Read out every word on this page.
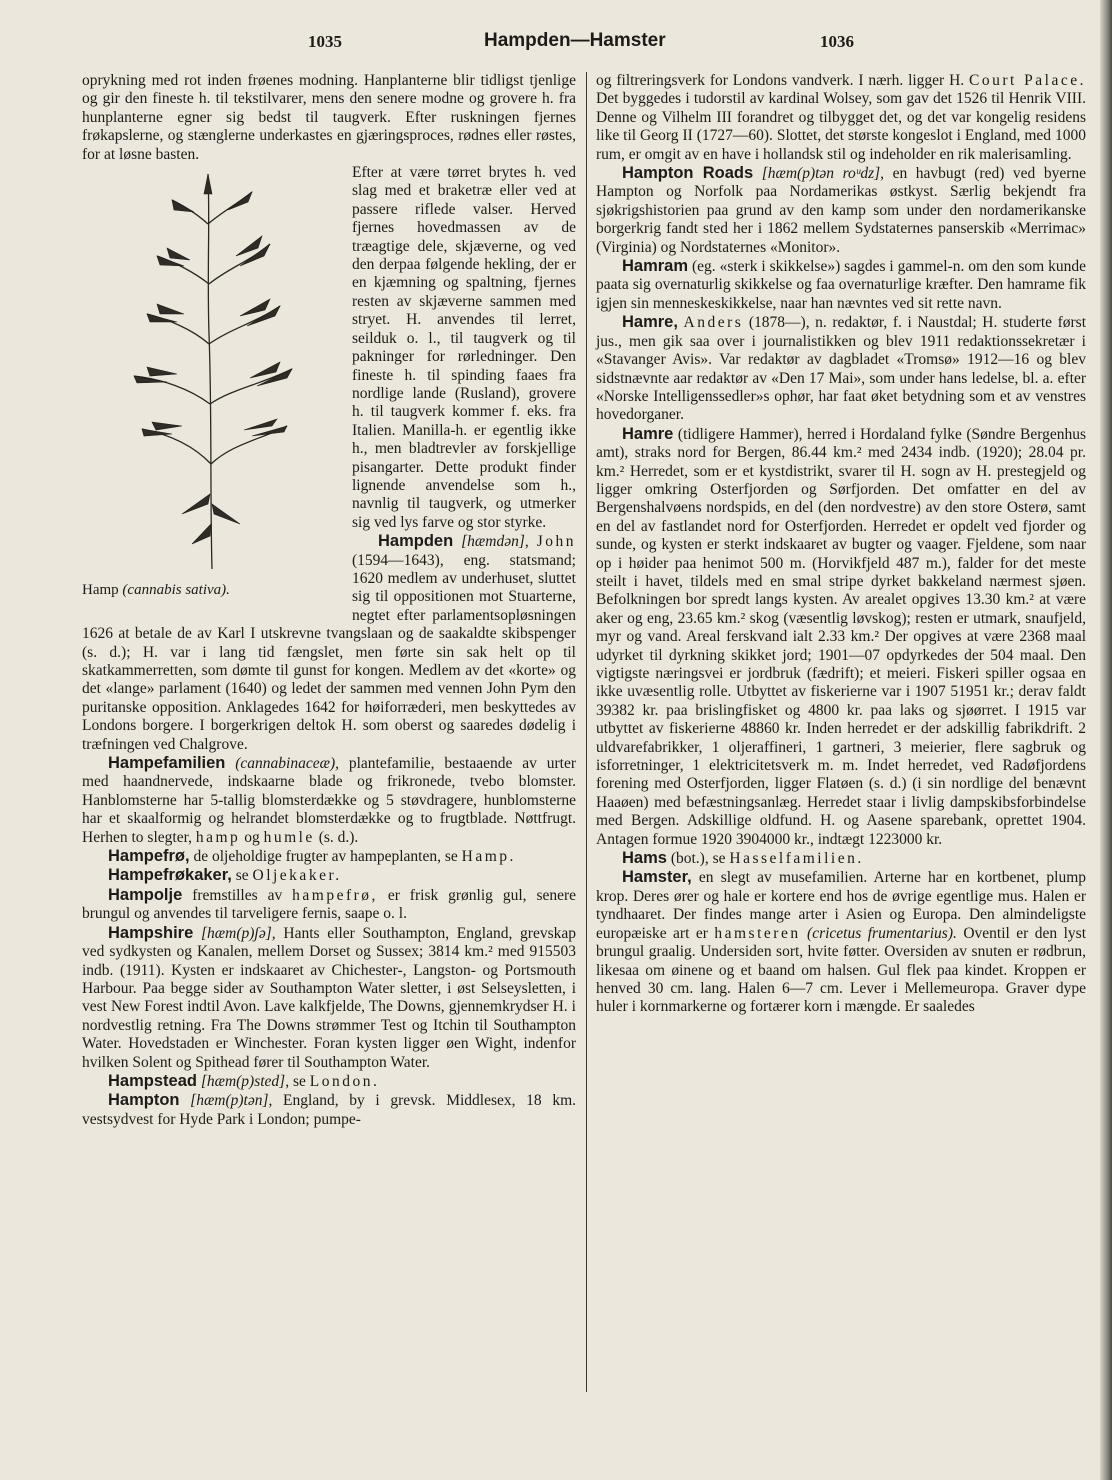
1035	Hampden—Hamster	1036

oprykning med rot inden frøenes modning. Hanplanterne blir tidligst tjenlige og gir den fineste h. til tekstilvarer, mens den senere modne og grovere h. fra hunplanterne egner sig bedst til taugverk. Efter ruskningen fjernes frøkapslerne, og stænglerne underkastes en gjæringsproces, rødnes eller røstes, for at løsne basten.

Hamp (cannabis sativa).

Efter at være tørret brytes h. ved slag med et braketræ eller ved at passere riflede valser. Herved fjernes hovedmassen av de træagtige dele, skjæverne, og ved den derpaa følgende hekling, der er en kjæmning og spaltning, fjernes resten av skjæverne sammen med stryet. H. anvendes til lerret, seilduk o. l., til taugverk og til pakninger for rørledninger. Den fineste h. til spinding faaes fra nordlige lande (Rusland), grovere h. til taugverk kommer f. eks. fra Italien. Manilla-h. er egentlig ikke h., men bladtrevler av forskjellige pisangarter. Dette produkt finder lignende anvendelse som h., navnlig til taugverk, og utmerker sig ved lys farve og stor styrke.

Hampden [hæmdən], John (1594—1643), eng. statsmand; 1620 medlem av underhuset, sluttet sig til oppositionen mot Stuarterne, negtet efter parlamentsopløsningen 1626 at betale de av Karl I utskrevne tvangslaan og de saakaldte skibspenger (s. d.); H. var i lang tid fængslet, men førte sin sak helt op til skatkammerretten, som dømte til gunst for kongen. Medlem av det «korte» og det «lange» parlament (1640) og ledet der sammen med vennen John Pym den puritanske opposition. Anklagedes 1642 for høiforræderi, men beskyttedes av Londons borgere. I borgerkrigen deltok H. som oberst og saaredes dødelig i træfningen ved Chalgrove.

Hampefamilien (cannabinaceæ), plantefamilie, bestaaende av urter med haandnervede, indskaarne blade og frikronede, tvebo blomster. Hanblomsterne har 5-tallig blomsterdække og 5 støvdragere, hunblomsterne har et skaalformig og helrandet blomsterdække og to frugtblade. Nøttfrugt. Herhen to slegter, hamp og humle (s. d.).

Hampefrø, de oljeholdige frugter av hampeplanten, se Hamp.

Hampefrøkaker, se Oljekaker.

Hampolje fremstilles av hampefrø, er frisk grønlig gul, senere brungul og anvendes til tarveligere fernis, saape o. l.

Hampshire [hæm(p)ʃə], Hants eller Southampton, England, grevskap ved sydkysten og Kanalen, mellem Dorset og Sussex; 3814 km.² med 915503 indb. (1911). Kysten er indskaaret av Chichester-, Langston- og Portsmouth Harbour. Paa begge sider av Southampton Water sletter, i øst Selseysletten, i vest New Forest indtil Avon. Lave kalkfjelde, The Downs, gjennemkrydser H. i nordvestlig retning. Fra The Downs strømmer Test og Itchin til Southampton Water. Hovedstaden er Winchester. Foran kysten ligger øen Wight, indenfor hvilken Solent og Spithead fører til Southampton Water.

Hampstead [hæm(p)sted], se London.

Hampton [hæm(p)tən], England, by i grevsk. Middlesex, 18 km. vestsydvest for Hyde Park i London; pumpe-

og filtreringsverk for Londons vandverk. I nærh. ligger H. Court Palace. Det byggedes i tudorstil av kardinal Wolsey, som gav det 1526 til Henrik VIII. Denne og Vilhelm III forandret og tilbygget det, og det var kongelig residens like til Georg II (1727—60). Slottet, det største kongeslot i England, med 1000 rum, er omgit av en have i hollandsk stil og indeholder en rik malerisamling.

Hampton Roads [hæm(p)tən roᵘdz], en havbugt (red) ved byerne Hampton og Norfolk paa Nordamerikas østkyst. Særlig bekjendt fra sjøkrigshistorien paa grund av den kamp som under den nordamerikanske borgerkrig fandt sted her i 1862 mellem Sydstaternes panserskib «Merrimac» (Virginia) og Nordstaternes «Monitor».

Hamram (eg. «sterk i skikkelse») sagdes i gammel-n. om den som kunde paata sig overnaturlig skikkelse og faa overnaturlige kræfter. Den hamrame fik igjen sin menneskeskikkelse, naar han nævntes ved sit rette navn.

Hamre, Anders (1878—), n. redaktør, f. i Naustdal; H. studerte først jus., men gik saa over i journalistikken og blev 1911 redaktionssekretær i «Stavanger Avis». Var redaktør av dagbladet «Tromsø» 1912—16 og blev sidstnævnte aar redaktør av «Den 17 Mai», som under hans ledelse, bl. a. efter «Norske Intelligenssedler»s ophør, har faat øket betydning som et av venstres hovedorganer.

Hamre (tidligere Hammer), herred i Hordaland fylke (Søndre Bergenhus amt), straks nord for Bergen, 86.44 km.² med 2434 indb. (1920); 28.04 pr. km.² Herredet, som er et kystdistrikt, svarer til H. sogn av H. prestegjeld og ligger omkring Osterfjorden og Sørfjorden. Det omfatter en del av Bergenshalvøens nordspids, en del (den nordvestre) av den store Osterø, samt en del av fastlandet nord for Osterfjorden. Herredet er opdelt ved fjorder og sunde, og kysten er sterkt indskaaret av bugter og vaager. Fjeldene, som naar op i høider paa henimot 500 m. (Horvikfjeld 487 m.), falder for det meste steilt i havet, tildels med en smal stripe dyrket bakkeland nærmest sjøen. Befolkningen bor spredt langs kysten. Av arealet opgives 13.30 km.² at være aker og eng, 23.65 km.² skog (væsentlig løvskog); resten er utmark, snaufjeld, myr og vand. Areal ferskvand ialt 2.33 km.² Der opgives at være 2368 maal udyrket til dyrkning skikket jord; 1901—07 opdyrkedes der 504 maal. Den vigtigste næringsvei er jordbruk (fædrift); et meieri. Fiskeri spiller ogsaa en ikke uvæsentlig rolle. Utbyttet av fiskerierne var i 1907 51951 kr.; derav faldt 39382 kr. paa brislingfisket og 4800 kr. paa laks og sjøørret. I 1915 var utbyttet av fiskerierne 48860 kr. Inden herredet er der adskillig fabrikdrift. 2 uldvarefabrikker, 1 oljeraffineri, 1 gartneri, 3 meierier, flere sagbruk og isforretninger, 1 elektricitetsverk m. m. Indet herredet, ved Radøfjordens forening med Osterfjorden, ligger Flatøen (s. d.) (i sin nordlige del benævnt Haaøen) med befæstningsanlæg. Herredet staar i livlig dampskibsforbindelse med Bergen. Adskillige oldfund. H. og Aasene sparebank, oprettet 1904. Antagen formue 1920 3904000 kr., indtægt 1223000 kr.

Hams (bot.), se Hasselfamilien.

Hamster, en slegt av musefamilien. Arterne har en kortbenet, plump krop. Deres ører og hale er kortere end hos de øvrige egentlige mus. Halen er tyndhaaret. Der findes mange arter i Asien og Europa. Den almindeligste europæiske art er hamsteren (cricetus frumentarius). Oventil er den lyst brungul graalig. Undersiden sort, hvite føtter. Oversiden av snuten er rødbrun, likesaa om øinene og et baand om halsen. Gul flek paa kindet. Kroppen er henved 30 cm. lang. Halen 6—7 cm. Lever i Mellemeuropa. Graver dype huler i kornmarkerne og fortærer korn i mængde. Er saaledes
